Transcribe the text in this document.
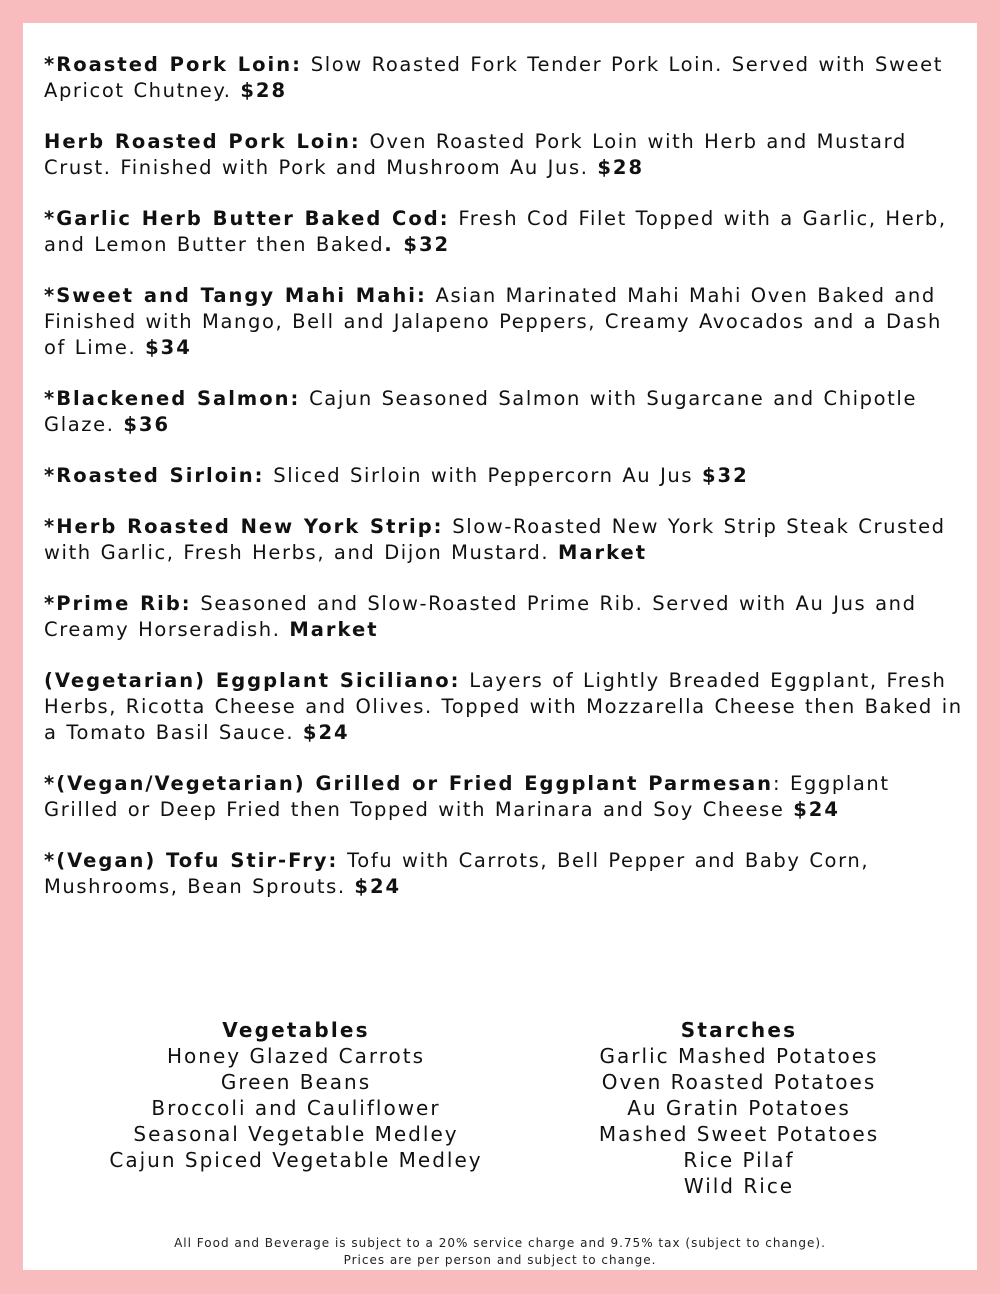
*Roasted Pork Loin: Slow Roasted Fork Tender Pork Loin. Served with Sweet Apricot Chutney. $28

Herb Roasted Pork Loin: Oven Roasted Pork Loin with Herb and Mustard Crust. Finished with Pork and Mushroom Au Jus. $28

*Garlic Herb Butter Baked Cod: Fresh Cod Filet Topped with a Garlic, Herb, and Lemon Butter then Baked. $32

*Sweet and Tangy Mahi Mahi: Asian Marinated Mahi Mahi Oven Baked and Finished with Mango, Bell and Jalapeno Peppers, Creamy Avocados and a Dash of Lime. $34

*Blackened Salmon: Cajun Seasoned Salmon with Sugarcane and Chipotle Glaze. $36

*Roasted Sirloin: Sliced Sirloin with Peppercorn Au Jus $32

*Herb Roasted New York Strip: Slow-Roasted New York Strip Steak Crusted with Garlic, Fresh Herbs, and Dijon Mustard. Market

*Prime Rib: Seasoned and Slow-Roasted Prime Rib. Served with Au Jus and Creamy Horseradish. Market

(Vegetarian) Eggplant Siciliano: Layers of Lightly Breaded Eggplant, Fresh Herbs, Ricotta Cheese and Olives. Topped with Mozzarella Cheese then Baked in a Tomato Basil Sauce. $24

*(Vegan/Vegetarian) Grilled or Fried Eggplant Parmesan: Eggplant Grilled or Deep Fried then Topped with Marinara and Soy Cheese $24

*(Vegan) Tofu Stir-Fry: Tofu with Carrots, Bell Pepper and Baby Corn, Mushrooms, Bean Sprouts. $24

Vegetables
Honey Glazed Carrots
Green Beans
Broccoli and Cauliflower
Seasonal Vegetable Medley
Cajun Spiced Vegetable Medley
Starches
Garlic Mashed Potatoes
Oven Roasted Potatoes
Au Gratin Potatoes
Mashed Sweet Potatoes
Rice Pilaf
Wild Rice
All Food and Beverage is subject to a 20% service charge and 9.75% tax (subject to change).
Prices are per person and subject to change.
